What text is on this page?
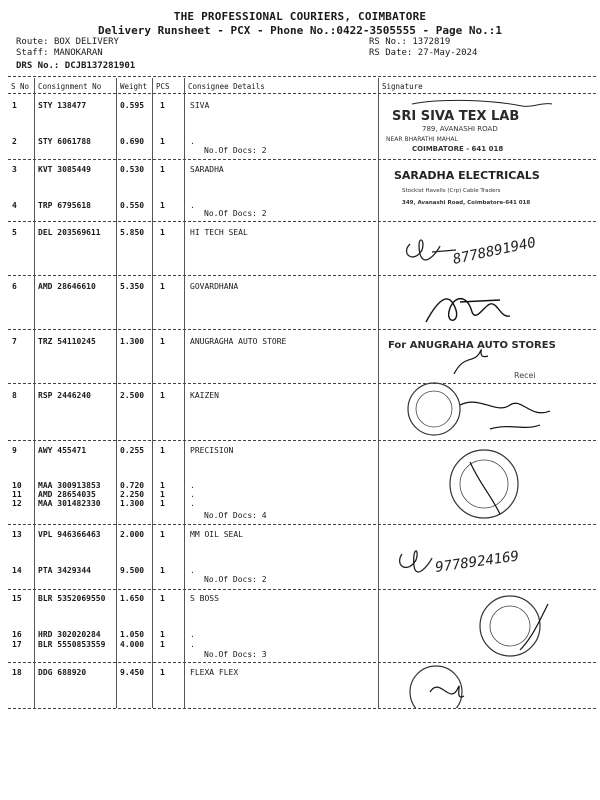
THE PROFESSIONAL COURIERS, COIMBATORE
Delivery Runsheet - PCX - Phone No.:0422-3505555 - Page No.:1
Route: BOX DELIVERY
Staff: MANOKARAN
DRS No.: DCJB137281901
RS No.: 1372819
RS Date: 27-May-2024
S No Consignment No	Weight PCS Consignee Details	Signature
1	STY 138477	0.595 1	SIVA
2	STY 6061788	0.690 1	.
No.Of Docs: 2
3	KVT 3085449	0.530 1	SARADHA
4	TRP 6795618	0.550 1	.
No.Of Docs: 2
5	DEL 203569611 5.850 1	HI TECH SEAL
6	AMD 28646610	5.350 1	GOVARDHANA
7	TRZ 54110245	1.300 1	ANUGRAGHA AUTO STORE
8	RSP 2446240	2.500 1	KAIZEN
9	AWY 455471	0.255 1	PRECISION
10 MAA 300913853 0.720 1	.
11 AMD 28654035	2.250 1	.
12 MAA 301482330 1.300 1	.
No.Of Docs: 4
13 VPL 946366463 2.000 1	MM OIL SEAL
14 PTA 3429344	9.500 1	.
No.Of Docs: 2
15 BLR 5352069550 1.650 1	S BOSS
16 HRD 302020284 1.050 1	.
17 BLR 5550853559 4.000 1	.
No.Of Docs: 3
18 DDG 688920	9.450 1	FLEXA FLEX
SRI SIVA TEX LAB
789, AVANASHI ROAD
NEAR BHARATHI MAHAL
COIMBATORE - 641 018
SARADHA ELECTRICALS
Stockist Havells (Crp) Cable Traders
349, Avanashi Road, Coimbatore-641 018
8778891940
For ANUGRAHA AUTO STORES
Recei
9778924169
